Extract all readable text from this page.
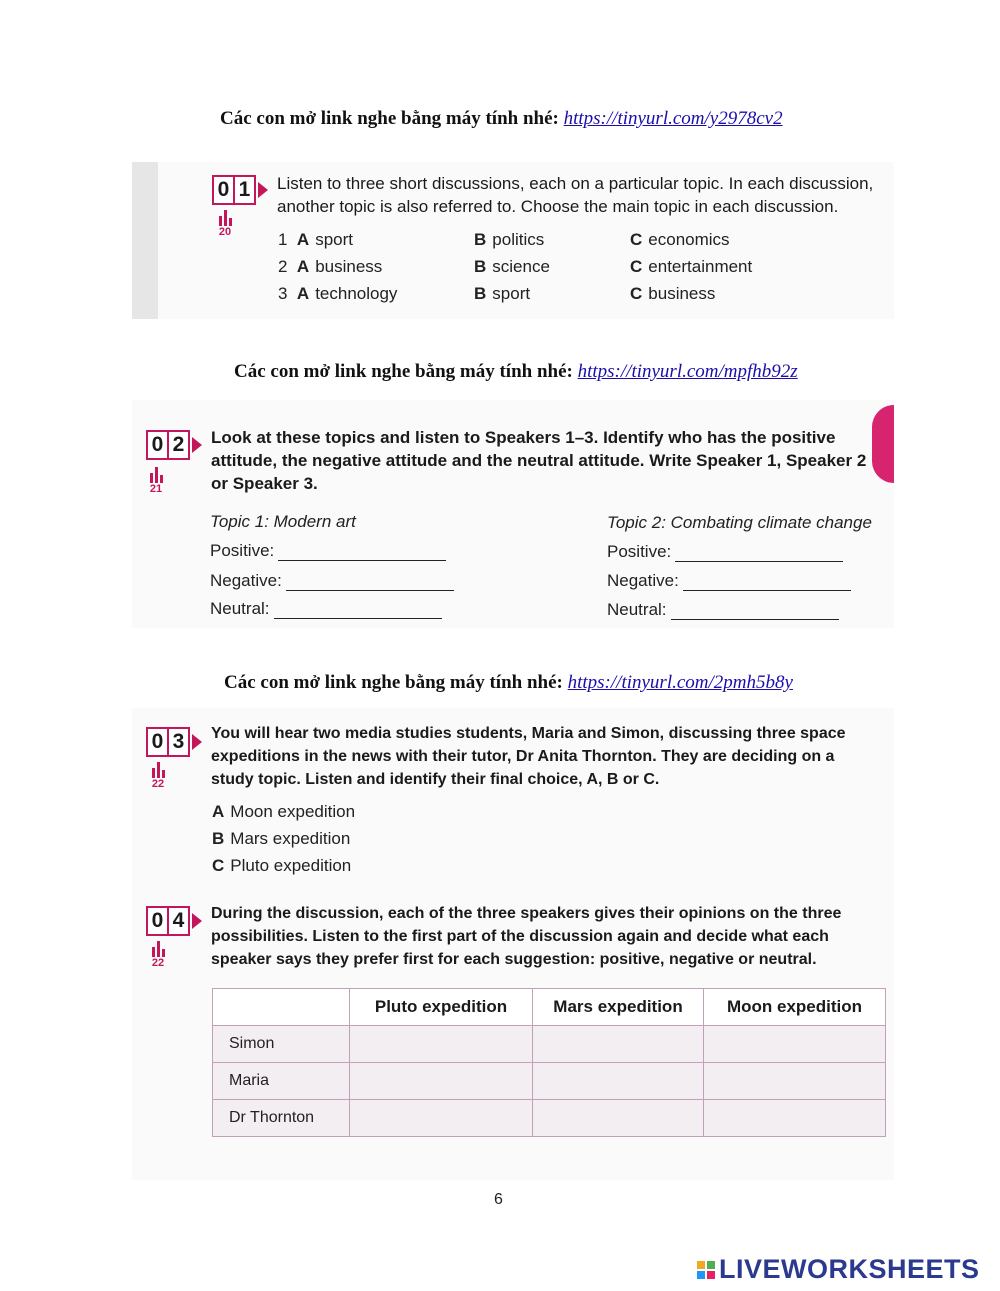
Các con mở link nghe bằng máy tính nhé: https://tinyurl.com/y2978cv2
0 1
20
Listen to three short discussions, each on a particular topic. In each discussion, another topic is also referred to. Choose the main topic in each discussion.
1 A sport	B politics	C economics
2 A business	B science	C entertainment
3 A technology	B sport	C business
Các con mở link nghe bằng máy tính nhé: https://tinyurl.com/mpfhb92z
0 2
21
Look at these topics and listen to Speakers 1–3. Identify who has the positive attitude, the negative attitude and the neutral attitude. Write Speaker 1, Speaker 2 or Speaker 3.
Topic 1: Modern art
Positive:
Negative:
Neutral:
Topic 2: Combating climate change
Positive:
Negative:
Neutral:
Các con mở link nghe bằng máy tính nhé: https://tinyurl.com/2pmh5b8y
0 3
22
You will hear two media studies students, Maria and Simon, discussing three space expeditions in the news with their tutor, Dr Anita Thornton. They are deciding on a study topic. Listen and identify their final choice, A, B or C.
A Moon expedition
B Mars expedition
C Pluto expedition
0 4
22
During the discussion, each of the three speakers gives their opinions on the three possibilities. Listen to the first part of the discussion again and decide what each speaker says they prefer first for each suggestion: positive, negative or neutral.
	Pluto expedition	Mars expedition	Moon expedition
Simon			
Maria			
Dr Thornton			
6
LIVEWORKSHEETS
